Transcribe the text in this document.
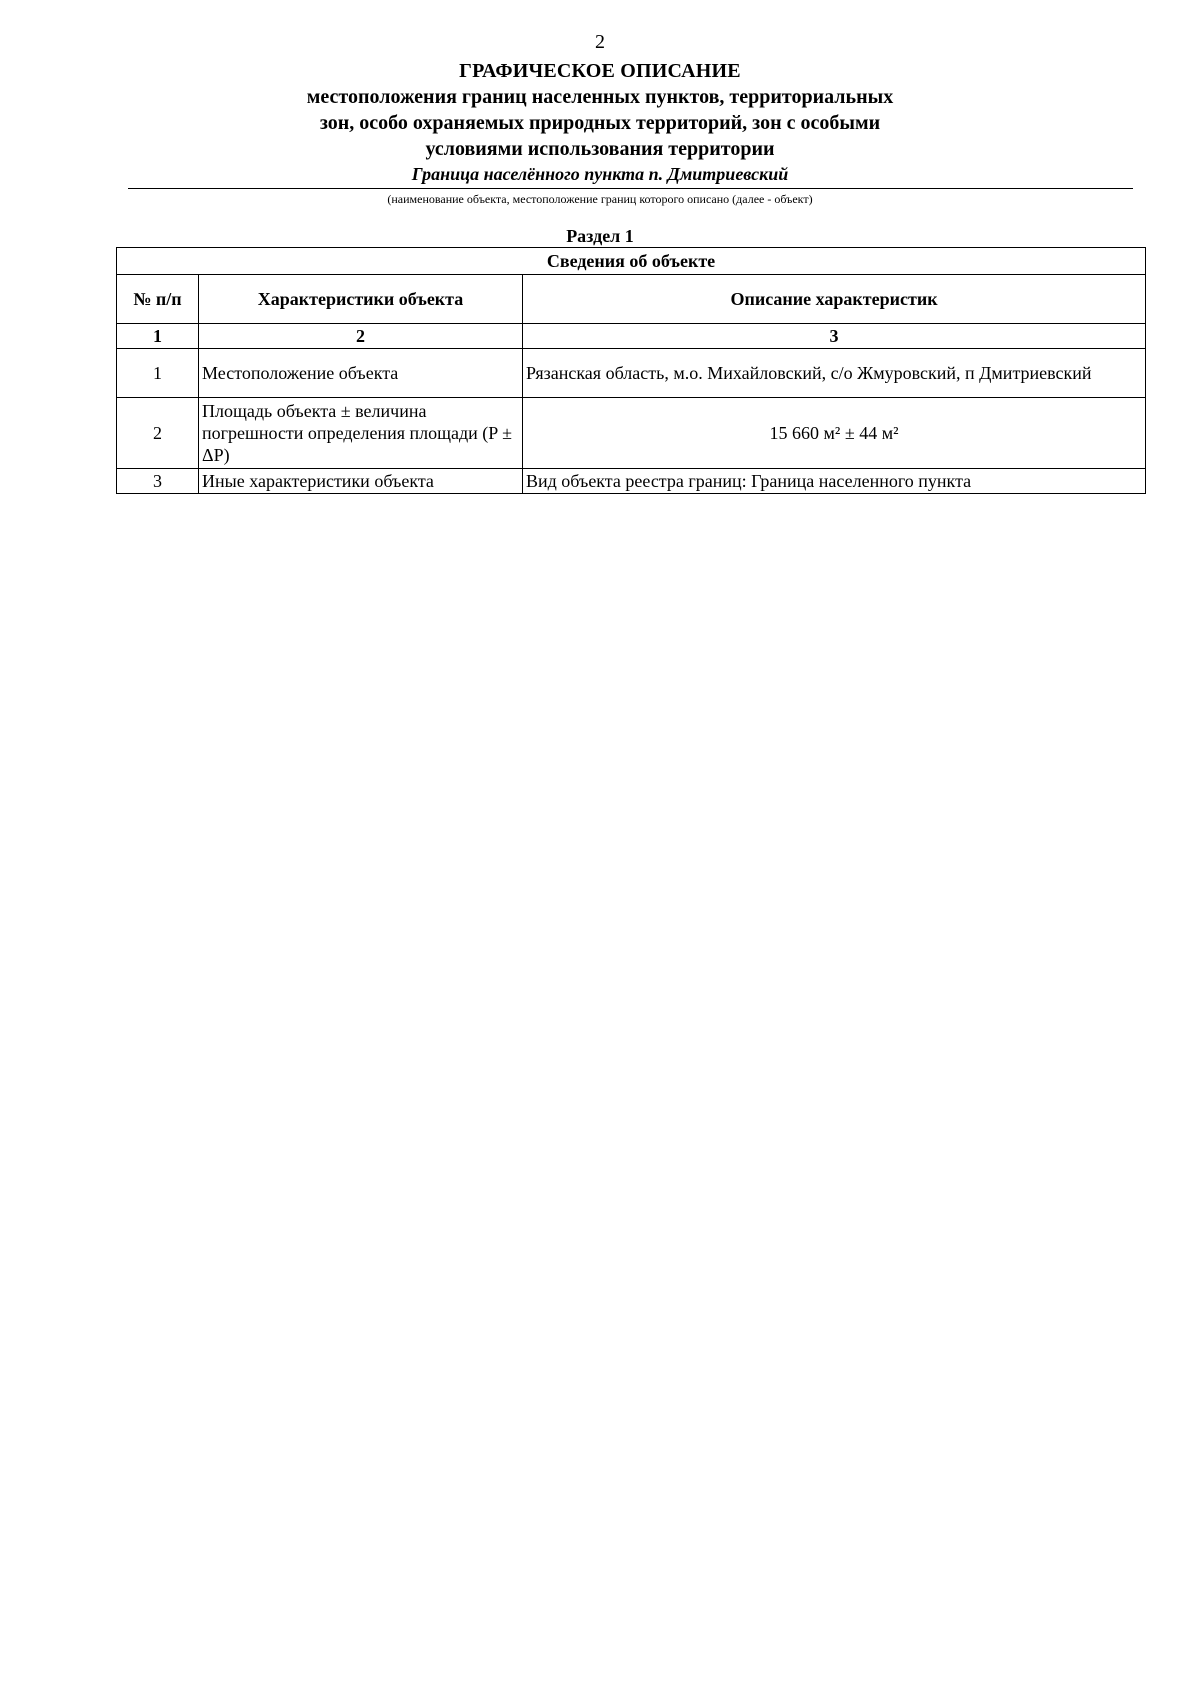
2
ГРАФИЧЕСКОЕ ОПИСАНИЕ
местоположения границ населенных пунктов, территориальных
зон, особо охраняемых природных территорий, зон с особыми
условиями использования территории
Граница населённого пункта п. Дмитриевский
(наименование объекта, местоположение границ которого описано (далее - объект)
Раздел 1
Сведения об объекте		
№ п/п	Характеристики объекта	Описание характеристик
1	2	3
1	Местоположение объекта	Рязанская область, м.о. Михайловский, с/о Жмуровский, п Дмитриевский
2	Площадь объекта ± величина погрешности определения площади (P ± ΔP)	15 660 м² ± 44 м²
3	Иные характеристики объекта	Вид объекта реестра границ: Граница населенного пункта
